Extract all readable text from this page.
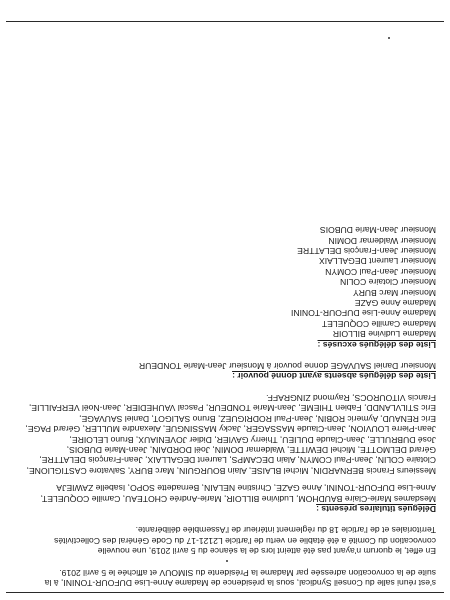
s'est réuni salle du Conseil Syndical, sous la présidence de Madame Anne-Lise DUFOUR-TONINI, à la
suite de la convocation adressée par Madame la Présidente du SIMOUV et affichée le 5 avril 2019.
En effet, le quorum n'ayant pas été atteint lors de la séance du 5 avril 2019, une nouvelle
convocation du Comité a été établie en vertu de l'article L2121-17 du Code Général des Collectivités
Territoriales et de l'article 18 du règlement intérieur de l'Assemblée délibérante.
Délégués titulaires présents :
Mesdames Marie-Claire BAUDHOM, Ludivine BILLOIR, Marie-Andrée CHOTEAU, Camille COQUELET,
Anne-Lise DUFOUR-TONINI, Anne GAZE, Christine NELAIN, Bernadette SOPO, Isabelle ZAWIEJA
Messieurs Francis BERNARDIN, Michel BLAISE, Alain BOURGUIN, Marc BURY, Salvatore CASTIGLIONE,
Clotaire COLIN, Jean-Paul COMYN, Alain DECAMPS, Laurent DEGALLAIX, Jean-François DELATTRE,
Gérard DELMOTTE, Michel DEWITTE, Waldemar DOMIN, Joël DORDAIN, Jean-Marie DUBOIS,
José DUBRULLE, Jean-Claude DULIEU, Thierry GAVIER, Didier JOVENIAUX, Bruno LELOIRE,
Jean-Pierre LOUVION, Jean-Claude MASSAGER, Jacky MASSINGUE, Alexandre MULLER, Gérard PAGE,
Eric RENAUD, Aymeric ROBIN, Jean-Paul RODRIGUEZ, Bruno SALIGOT, Daniel SAUVAGE,
Eric STILVLANDD, Fabien THIEME, Jean-Marie TONDEUR, Pascal VAUHEDIER, Jean-Noël VERFAILLIE,
Francis VITOUROCS, Raymond ZINGRAFF.
Liste des délégués absents ayant donné pouvoir :
Monsieur Daniel SAUVAGE donne pouvoir à Monsieur Jean-Marie TONDEUR
Liste des délégués excusés :
Madame Ludivine BILLOIR
Madame Camille COQUELET
Madame Anne-Lise DUFOUR-TONINI
Madame Anne GAZE
Monsieur Marc BURY
Monsieur Clotaire COLIN
Monsieur Jean-Paul COMYN
Monsieur Laurent DEGALLAIX
Monsieur Jean-François DELATTRE
Monsieur Waldemar DOMIN
Monsieur Jean-Marie DUBOIS
